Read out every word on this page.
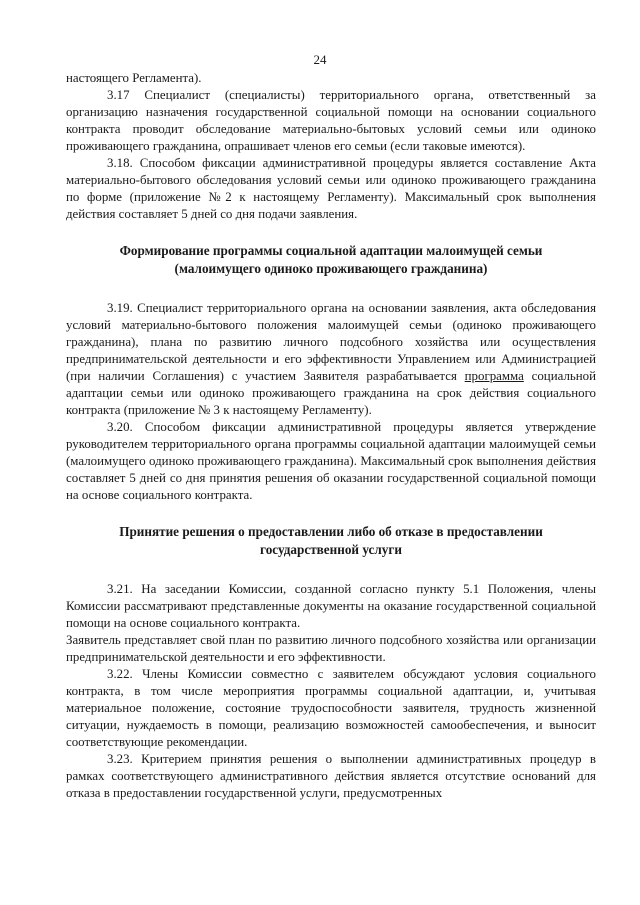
24

настоящего Регламента).

3.17 Специалист (специалисты) территориального органа, ответственный за организацию назначения государственной социальной помощи на основании социального контракта проводит обследование материально-бытовых условий семьи или одиноко проживающего гражданина, опрашивает членов его семьи (если таковые имеются).

3.18. Способом фиксации административной процедуры является составление Акта материально-бытового обследования условий семьи или одиноко проживающего гражданина по форме (приложение №2 к настоящему Регламенту). Максимальный срок выполнения действия составляет 5 дней со дня подачи заявления.

Формирование программы социальной адаптации малоимущей семьи
(малоимущего одиноко проживающего гражданина)

3.19. Специалист территориального органа на основании заявления, акта обследования условий материально-бытового положения малоимущей семьи (одиноко проживающего гражданина), плана по развитию личного подсобного хозяйства или осуществления предпринимательской деятельности и его эффективности Управлением или Администрацией (при наличии Соглашения) с участием Заявителя разрабатывается программа социальной адаптации семьи или одиноко проживающего гражданина на срок действия социального контракта (приложение № 3 к настоящему Регламенту).

3.20. Способом фиксации административной процедуры является утверждение руководителем территориального органа программы социальной адаптации малоимущей семьи (малоимущего одиноко проживающего гражданина). Максимальный срок выполнения действия составляет 5 дней со дня принятия решения об оказании государственной социальной помощи на основе социального контракта.

Принятие решения о предоставлении либо об отказе в предоставлении
государственной услуги

3.21. На заседании Комиссии, созданной согласно пункту 5.1 Положения, члены Комиссии рассматривают представленные документы на оказание государственной социальной помощи на основе социального контракта.

Заявитель представляет свой план по развитию личного подсобного хозяйства или организации предпринимательской деятельности и его эффективности.

3.22. Члены Комиссии совместно с заявителем обсуждают условия социального контракта, в том числе мероприятия программы социальной адаптации, и, учитывая материальное положение, состояние трудоспособности заявителя, трудность жизненной ситуации, нуждаемость в помощи, реализацию возможностей самообеспечения, и выносит соответствующие рекомендации.

3.23. Критерием принятия решения о выполнении административных процедур в рамках соответствующего административного действия является отсутствие оснований для отказа в предоставлении государственной услуги, предусмотренных
